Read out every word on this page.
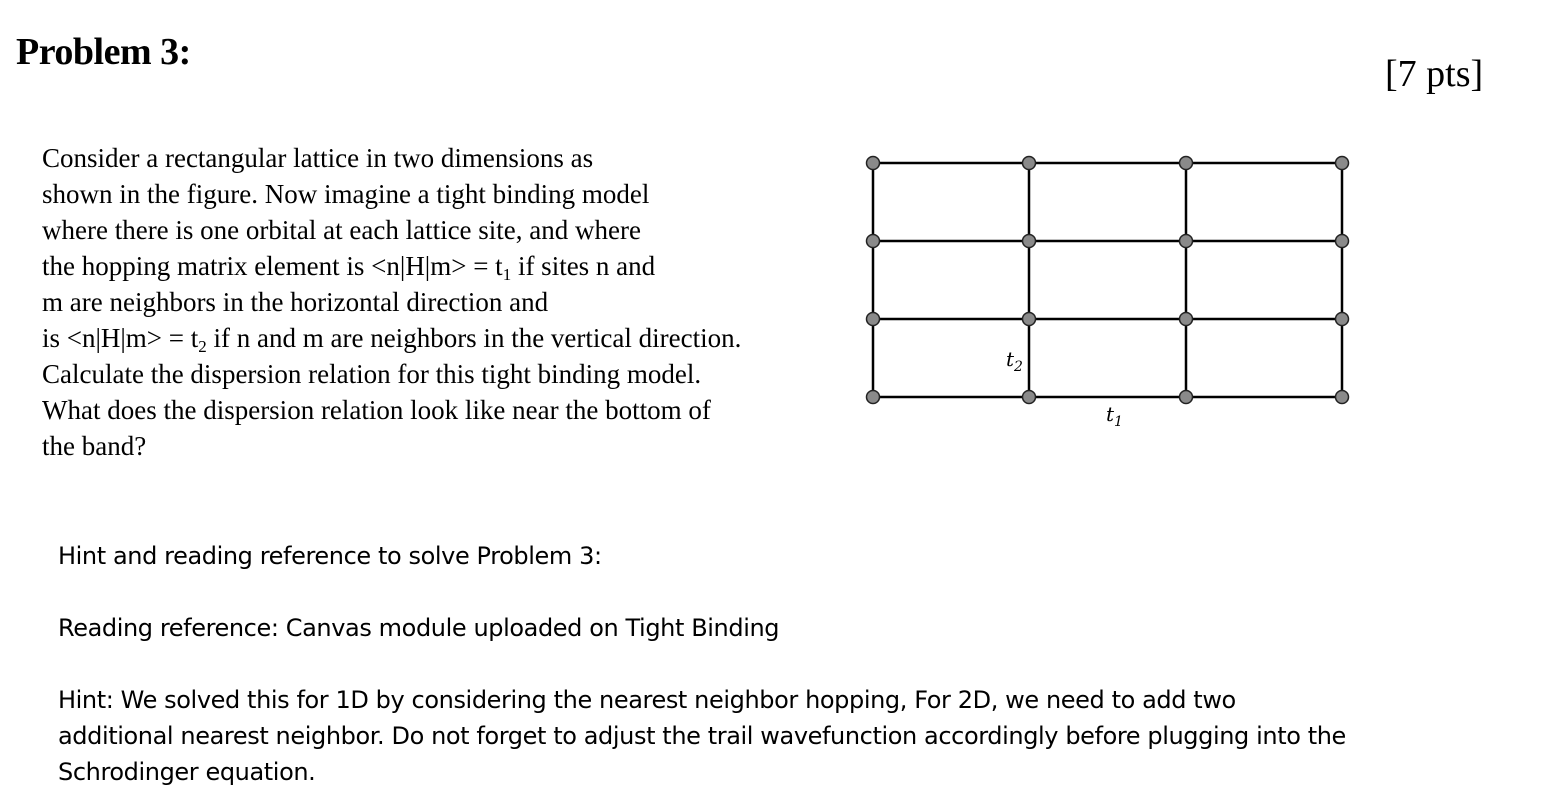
Problem 3:
[7 pts]
Consider a rectangular lattice in two dimensions as
shown in the figure. Now imagine a tight binding model
where there is one orbital at each lattice site, and where
the hopping matrix element is $<n|H|m> = t_1$ if sites n and
m are neighbors in the horizontal direction and
is $<n|H|m> = t_2$ if n and m are neighbors in the vertical direction.
Calculate the dispersion relation for this tight binding model.
What does the dispersion relation look like near the bottom of
the band?
$t_2$
$t_1$
Hint and reading reference to solve Problem 3:
Reading reference: Canvas module uploaded on Tight Binding
Hint: We solved this for 1D by considering the nearest neighbor hopping, For 2D, we need to add two
additional nearest neighbor. Do not forget to adjust the trail wavefunction accordingly before plugging into the
Schrodinger equation.
